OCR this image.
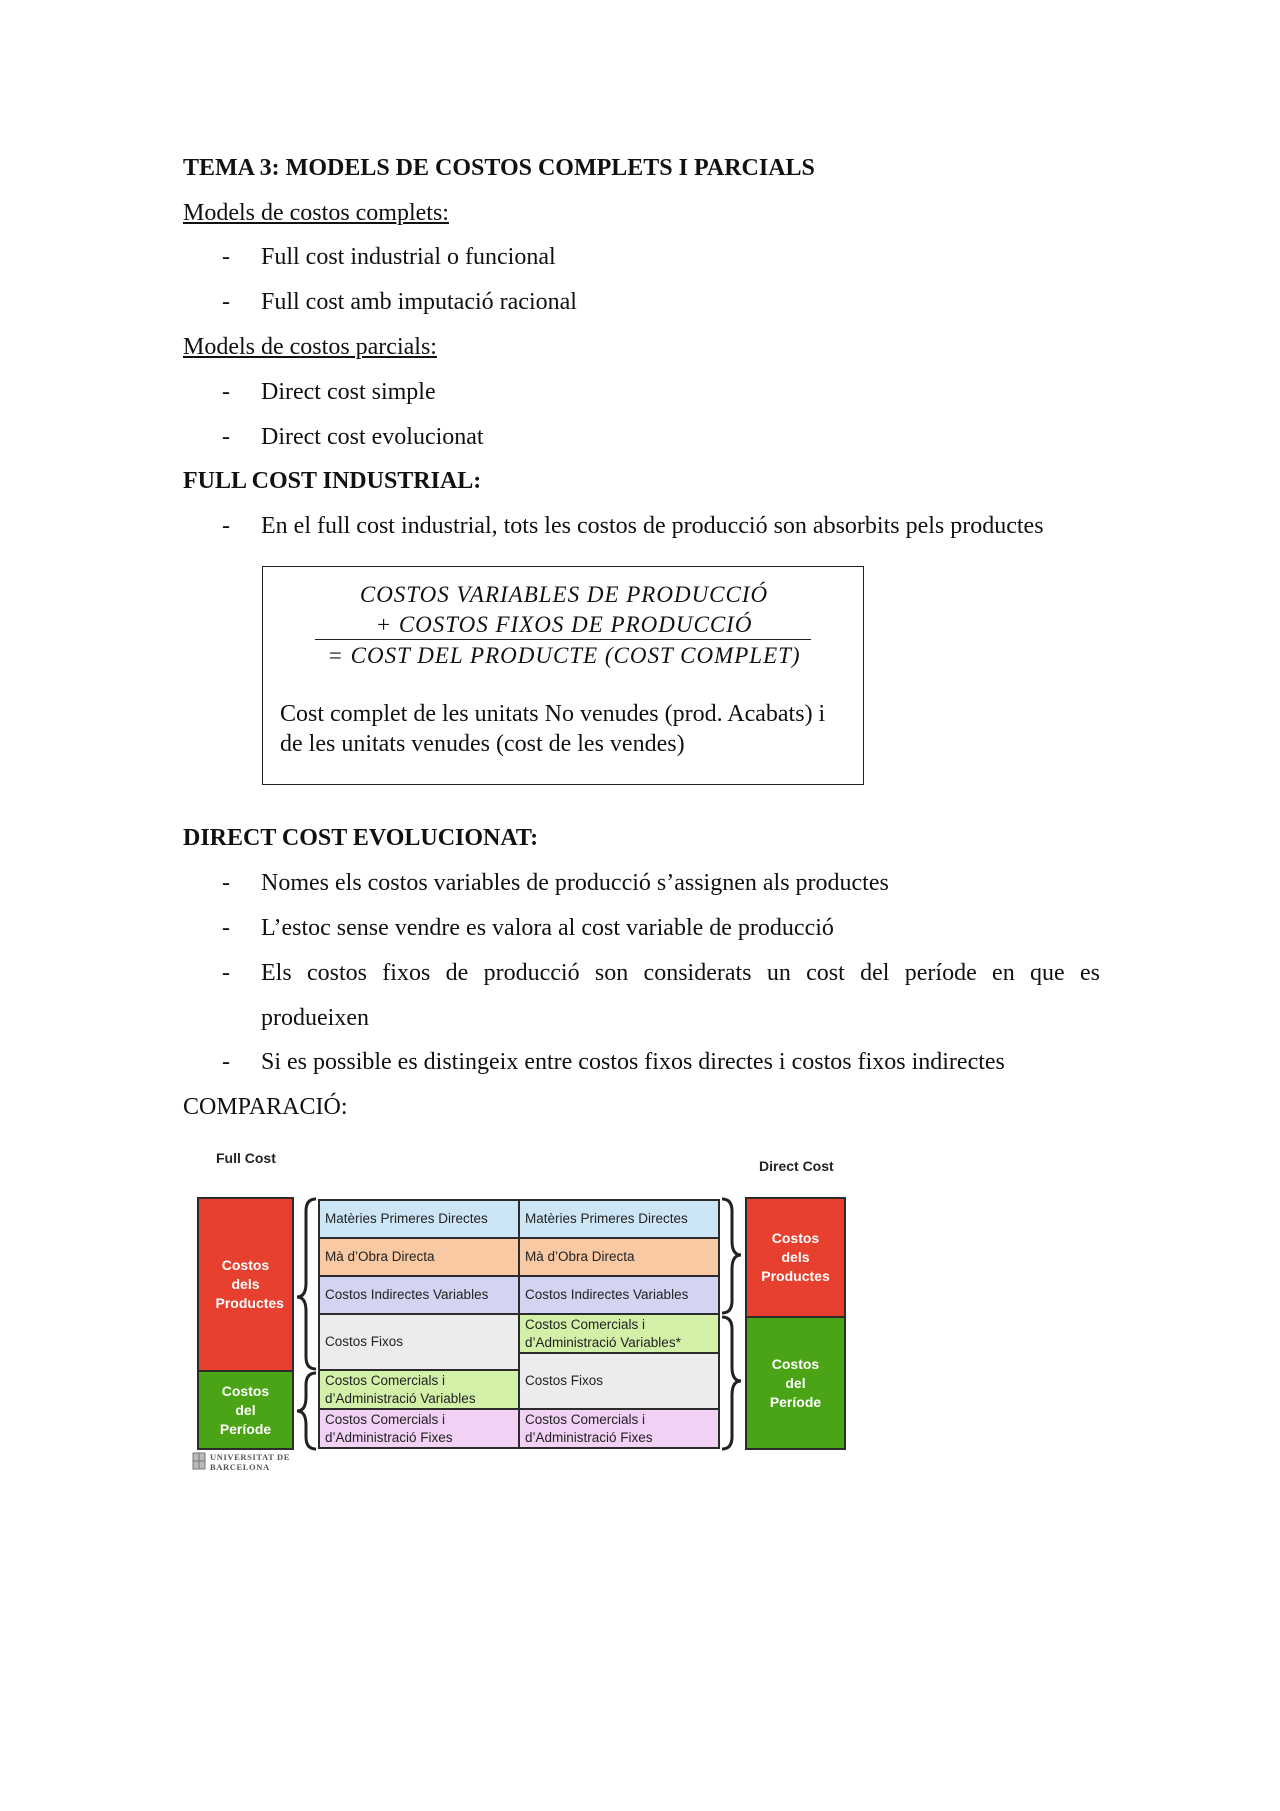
TEMA 3: MODELS DE COSTOS COMPLETS I PARCIALS
Models de costos complets:
- Full cost industrial o funcional
- Full cost amb imputació racional
Models de costos parcials:
- Direct cost simple
- Direct cost evolucionat
FULL COST INDUSTRIAL:
- En el full cost industrial, tots les costos de producció son absorbits pels productes
COSTOS VARIABLES DE PRODUCCIÓ
+ COSTOS FIXOS DE PRODUCCIÓ
= COST DEL PRODUCTE (COST COMPLET)
Cost complet de les unitats No venudes (prod. Acabats) i de les unitats venudes (cost de les vendes)
DIRECT COST EVOLUCIONAT:
- Nomes els costos variables de producció s’assignen als productes
- L’estoc sense vendre es valora al cost variable de producció
- Els costos fixos de producció son considerats un cost del període en que es
produeixen
- Si es possible es distingeix entre costos fixos directes i costos fixos indirectes
COMPARACIÓ:
Full Cost	Direct Cost
Costos dels Productes
Costos del Període
Matèries Primeres Directes
Mà d’Obra Directa
Costos Indirectes Variables
Costos Fixos
Costos Comercials i d’Administració Variables
Costos Comercials i d’Administració Fixes
Matèries Primeres Directes
Mà d’Obra Directa
Costos Indirectes Variables
Costos Comercials i d’Administració Variables*
Costos Fixos
Costos Comercials i d’Administració Fixes
Costos dels Productes
Costos del Període
UNIVERSITAT DE
BARCELONA
